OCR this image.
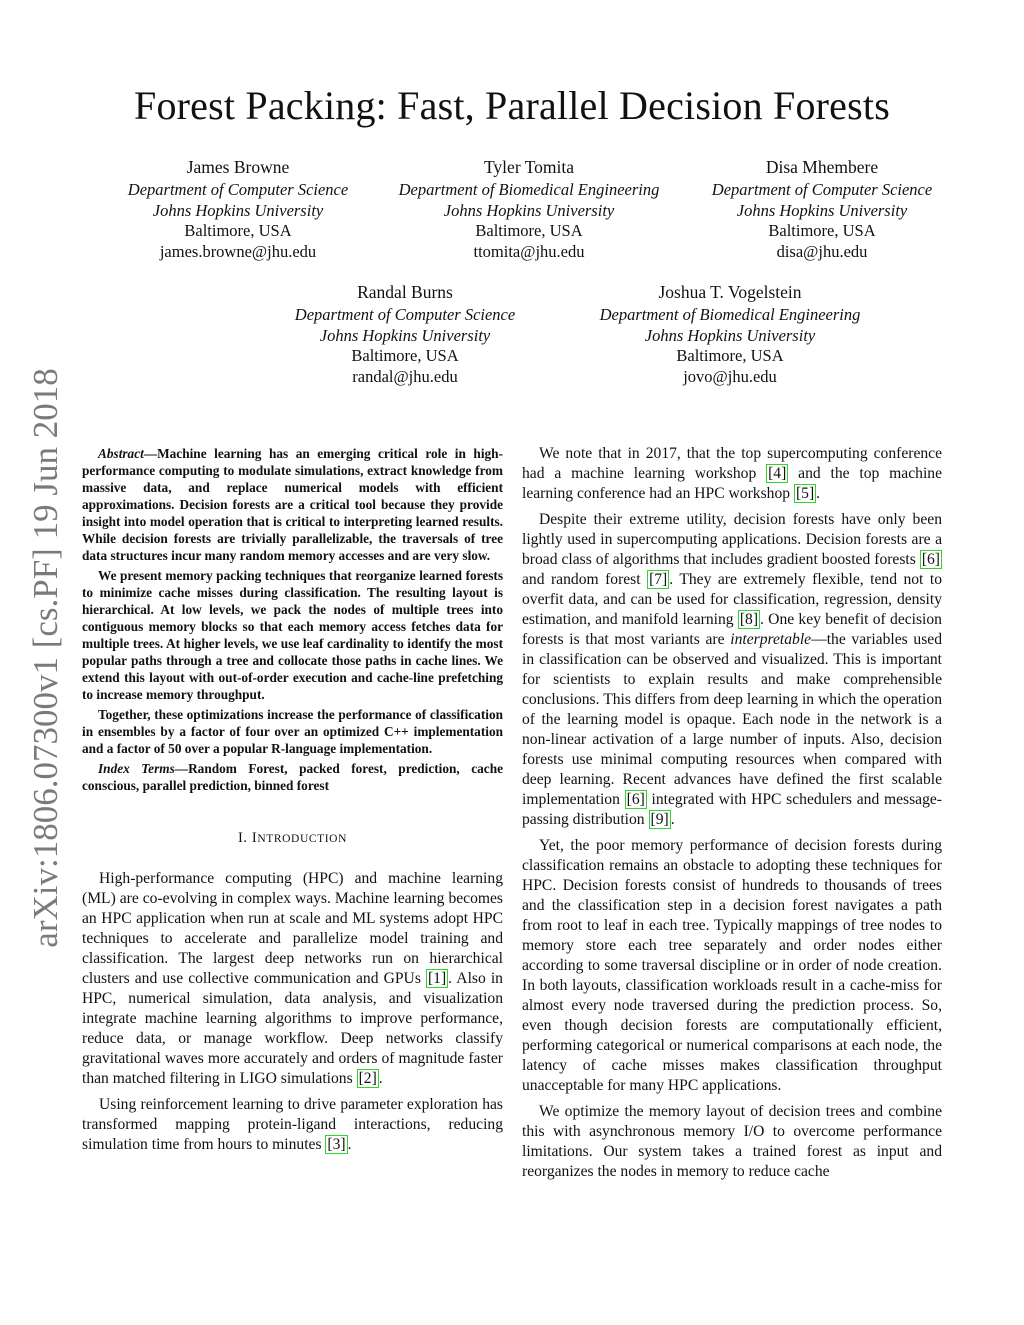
Forest Packing: Fast, Parallel Decision Forests
James Browne
Department of Computer Science
Johns Hopkins University
Baltimore, USA
james.browne@jhu.edu
Tyler Tomita
Department of Biomedical Engineering
Johns Hopkins University
Baltimore, USA
ttomita@jhu.edu
Disa Mhembere
Department of Computer Science
Johns Hopkins University
Baltimore, USA
disa@jhu.edu
Randal Burns
Department of Computer Science
Johns Hopkins University
Baltimore, USA
randal@jhu.edu
Joshua T. Vogelstein
Department of Biomedical Engineering
Johns Hopkins University
Baltimore, USA
jovo@jhu.edu
arXiv:1806.07300v1 [cs.PF] 19 Jun 2018	Abstract—Machine learning has an emerging critical role in high-performance computing to modulate simulations, extract knowledge from massive data, and replace numerical models with efficient approximations. Decision forests are a critical tool because they provide insight into model operation that is critical to interpreting learned results. While decision forests are trivially parallelizable, the traversals of tree data structures incur many random memory accesses and are very slow.

We present memory packing techniques that reorganize learned forests to minimize cache misses during classification. The resulting layout is hierarchical. At low levels, we pack the nodes of multiple trees into contiguous memory blocks so that each memory access fetches data for multiple trees. At higher levels, we use leaf cardinality to identify the most popular paths through a tree and collocate those paths in cache lines. We extend this layout with out-of-order execution and cache-line prefetching to increase memory throughput.

Together, these optimizations increase the performance of classification in ensembles by a factor of four over an optimized C++ implementation and a factor of 50 over a popular R-language implementation.

Index Terms—Random Forest, packed forest, prediction, cache conscious, parallel prediction, binned forest

I. INTRODUCTION

High-performance computing (HPC) and machine learning (ML) are co-evolving in complex ways. Machine learning becomes an HPC application when run at scale and ML systems adopt HPC techniques to accelerate and parallelize model training and classification. The largest deep networks run on hierarchical clusters and use collective communication and GPUs [1] . Also in HPC, numerical simulation, data analysis, and visualization integrate machine learning algorithms to improve performance, reduce data, or manage workflow. Deep networks classify gravitational waves more accurately and orders of magnitude faster than matched filtering in LIGO simulations [2] .

Using reinforcement learning to drive parameter exploration has transformed mapping protein-ligand interactions, reducing simulation time from hours to minutes [3] .

We note that in 2017, that the top supercomputing conference had a machine learning workshop [4] and the top machine learning conference had an HPC workshop [5] .

Despite their extreme utility, decision forests have only been lightly used in supercomputing applications. Decision forests are a broad class of algorithms that includes gradient boosted forests [6] and random forest [7] . They are extremely flexible, tend not to overfit data, and can be used for classification, regression, density estimation, and manifold learning [8] . One key benefit of decision forests is that most variants are interpretable—the variables used in classification can be observed and visualized. This is important for scientists to explain results and make comprehensible conclusions. This differs from deep learning in which the operation of the learning model is opaque. Each node in the network is a non-linear activation of a large number of inputs. Also, decision forests use minimal computing resources when compared with deep learning. Recent advances have defined the first scalable implementation [6] integrated with HPC schedulers and message-passing distribution [9] .

Yet, the poor memory performance of decision forests during classification remains an obstacle to adopting these techniques for HPC. Decision forests consist of hundreds to thousands of trees and the classification step in a decision forest navigates a path from root to leaf in each tree. Typically mappings of tree nodes to memory store each tree separately and order nodes either according to some traversal discipline or in order of node creation. In both layouts, classification workloads result in a cache-miss for almost every node traversed during the prediction process. So, even though decision forests are computationally efficient, performing categorical or numerical comparisons at each node, the latency of cache misses makes classification throughput unacceptable for many HPC applications.

We optimize the memory layout of decision trees and combine this with asynchronous memory I/O to overcome performance limitations. Our system takes a trained forest as input and reorganizes the nodes in memory to reduce cache
